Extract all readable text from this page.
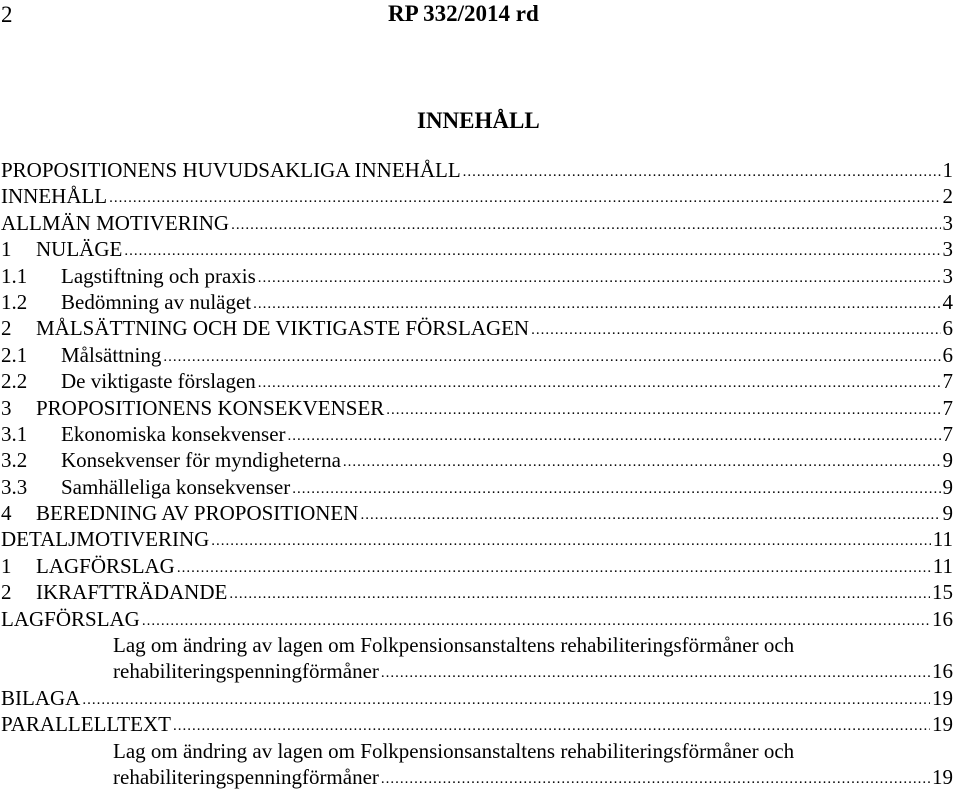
2	RP 332/2014 rd
INNEHÅLL
PROPOSITIONENS HUVUDSAKLIGA INNEHÅLL .....	1
INNEHÅLL .....	2
ALLMÄN MOTIVERING .....	3
1	NULÄGE .....	3
1.1	Lagstiftning och praxis .....	3
1.2	Bedömning av nuläget .....	4
2	MÅLSÄTTNING OCH DE VIKTIGASTE FÖRSLAGEN .....	6
2.1	Målsättning .....	6
2.2	De viktigaste förslagen .....	7
3	PROPOSITIONENS KONSEKVENSER .....	7
3.1	Ekonomiska konsekvenser .....	7
3.2	Konsekvenser för myndigheterna .....	9
3.3	Samhälleliga konsekvenser .....	9
4	BEREDNING AV PROPOSITIONEN .....	9
DETALJMOTIVERING .....	11
1	LAGFÖRSLAG .....	11
2	IKRAFTTRÄDANDE .....	15
LAGFÖRSLAG .....	16
Lag om ändring av lagen om Folkpensionsanstaltens rehabiliteringsförmåner och
rehabiliteringspenningförmåner .....	16
BILAGA .....	19
PARALLELLTEXT .....	19
Lag om ändring av lagen om Folkpensionsanstaltens rehabiliteringsförmåner och
rehabiliteringspenningförmåner .....	19
